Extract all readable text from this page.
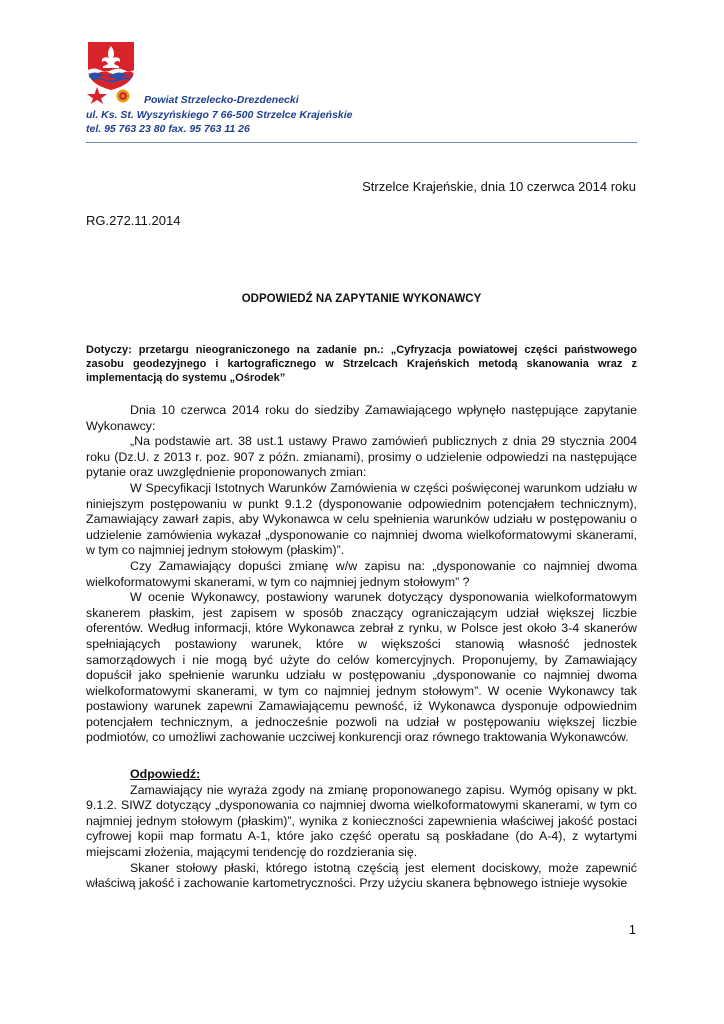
Powiat Strzelecko-Drezdenecki
ul. Ks. St. Wyszyńskiego 7 66-500 Strzelce Krajeńskie
tel. 95 763 23 80 fax. 95 763 11 26
Strzelce Krajeńskie, dnia 10 czerwca 2014 roku
RG.272.11.2014
ODPOWIEDŹ NA ZAPYTANIE WYKONAWCY
Dotyczy: przetargu nieograniczonego na zadanie pn.: „Cyfryzacja powiatowej części państwowego zasobu geodezyjnego i kartograficznego w Strzelcach Krajeńskich metodą skanowania wraz z implementacją do systemu „Ośrodek”

Dnia 10 czerwca 2014 roku do siedziby Zamawiającego wpłynęło następujące zapytanie Wykonawcy:

„Na podstawie art. 38 ust.1 ustawy Prawo zamówień publicznych z dnia 29 stycznia 2004 roku (Dz.U. z 2013 r. poz. 907 z późn. zmianami), prosimy o udzielenie odpowiedzi na następujące pytanie oraz uwzględnienie proponowanych zmian:

W Specyfikacji Istotnych Warunków Zamówienia w części poświęconej warunkom udziału w niniejszym postępowaniu w punkt 9.1.2 (dysponowanie odpowiednim potencjałem technicznym), Zamawiający zawarł zapis, aby Wykonawca w celu spełnienia warunków udziału w postępowaniu o udzielenie zamówienia wykazał „dysponowanie co najmniej dwoma wielkoformatowymi skanerami, w tym co najmniej jednym stołowym (płaskim)”.

Czy Zamawiający dopuści zmianę w/w zapisu na: „dysponowanie co najmniej dwoma wielkoformatowymi skanerami, w tym co najmniej jednym stołowym” ?

W ocenie Wykonawcy, postawiony warunek dotyczący dysponowania wielkoformatowym skanerem płaskim, jest zapisem w sposób znaczący ograniczającym udział większej liczbie oferentów. Według informacji, które Wykonawca zebrał z rynku, w Polsce jest około 3-4 skanerów spełniających postawiony warunek, które w większości stanowią własność jednostek samorządowych i nie mogą być użyte do celów komercyjnych. Proponujemy, by Zamawiający dopuścił jako spełnienie warunku udziału w postępowaniu „dysponowanie co najmniej dwoma wielkoformatowymi skanerami, w tym co najmniej jednym stołowym”. W ocenie Wykonawcy tak postawiony warunek zapewni Zamawiającemu pewność, iż Wykonawca dysponuje odpowiednim potencjałem technicznym, a jednocześnie pozwoli na udział w postępowaniu większej liczbie podmiotów, co umożliwi zachowanie uczciwej konkurencji oraz równego traktowania Wykonawców.

Odpowiedź:

Zamawiający nie wyraża zgody na zmianę proponowanego zapisu. Wymóg opisany w pkt. 9.1.2. SIWZ dotyczący „dysponowania co najmniej dwoma wielkoformatowymi skanerami, w tym co najmniej jednym stołowym (płaskim)”, wynika z konieczności zapewnienia właściwej jakość postaci cyfrowej kopii map formatu A-1, które jako część operatu są poskładane (do A-4), z wytartymi miejscami złożenia, mającymi tendencję do rozdzierania się.

Skaner stołowy płaski, którego istotną częścią jest element dociskowy, może zapewnić właściwą jakość i zachowanie kartometryczności. Przy użyciu skanera bębnowego istnieje wysokie

1
